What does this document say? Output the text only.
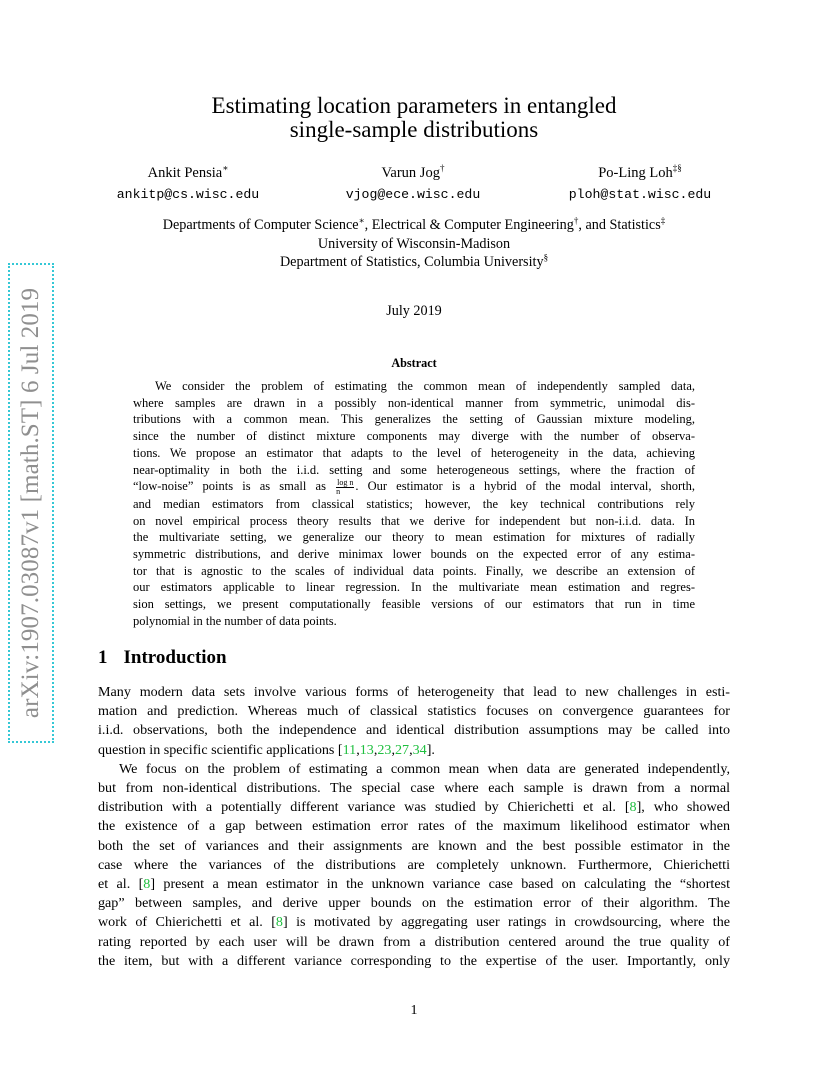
arXiv:1907.03087v1 [math.ST] 6 Jul 2019
Estimating location parameters in entangled
single-sample distributions
Ankit Pensia∗
ankitp@cs.wisc.edu
Varun Jog†
vjog@ece.wisc.edu
Po-Ling Loh‡§
ploh@stat.wisc.edu
Departments of Computer Science∗, Electrical & Computer Engineering†, and Statistics‡
University of Wisconsin-Madison
Department of Statistics, Columbia University§
July 2019
Abstract
We consider the problem of estimating the common mean of independently sampled data,
where samples are drawn in a possibly non-identical manner from symmetric, unimodal dis-
tributions with a common mean. This generalizes the setting of Gaussian mixture modeling,
since the number of distinct mixture components may diverge with the number of observa-
tions. We propose an estimator that adapts to the level of heterogeneity in the data, achieving
near-optimality in both the i.i.d. setting and some heterogeneous settings, where the fraction of
“low-noise” points is as small as $\frac{\text{log n}}{n}$ . Our estimator is a hybrid of the modal interval, shorth,
and median estimators from classical statistics; however, the key technical contributions rely
on novel empirical process theory results that we derive for independent but non-i.i.d. data. In
the multivariate setting, we generalize our theory to mean estimation for mixtures of radially
symmetric distributions, and derive minimax lower bounds on the expected error of any estima-
tor that is agnostic to the scales of individual data points. Finally, we describe an extension of
our estimators applicable to linear regression. In the multivariate mean estimation and regres-
sion settings, we present computationally feasible versions of our estimators that run in time
polynomial in the number of data points.
1 Introduction
Many modern data sets involve various forms of heterogeneity that lead to new challenges in esti-
mation and prediction. Whereas much of classical statistics focuses on convergence guarantees for
i.i.d. observations, both the independence and identical distribution assumptions may be called into
question in specific scientific applications [11,13,23,27,34].
We focus on the problem of estimating a common mean when data are generated independently,
but from non-identical distributions. The special case where each sample is drawn from a normal
distribution with a potentially different variance was studied by Chierichetti et al. [8], who showed
the existence of a gap between estimation error rates of the maximum likelihood estimator when
both the set of variances and their assignments are known and the best possible estimator in the
case where the variances of the distributions are completely unknown. Furthermore, Chierichetti
et al. [8] present a mean estimator in the unknown variance case based on calculating the “shortest
gap” between samples, and derive upper bounds on the estimation error of their algorithm. The
work of Chierichetti et al. [8] is motivated by aggregating user ratings in crowdsourcing, where the
rating reported by each user will be drawn from a distribution centered around the true quality of
the item, but with a different variance corresponding to the expertise of the user. Importantly, only
1
